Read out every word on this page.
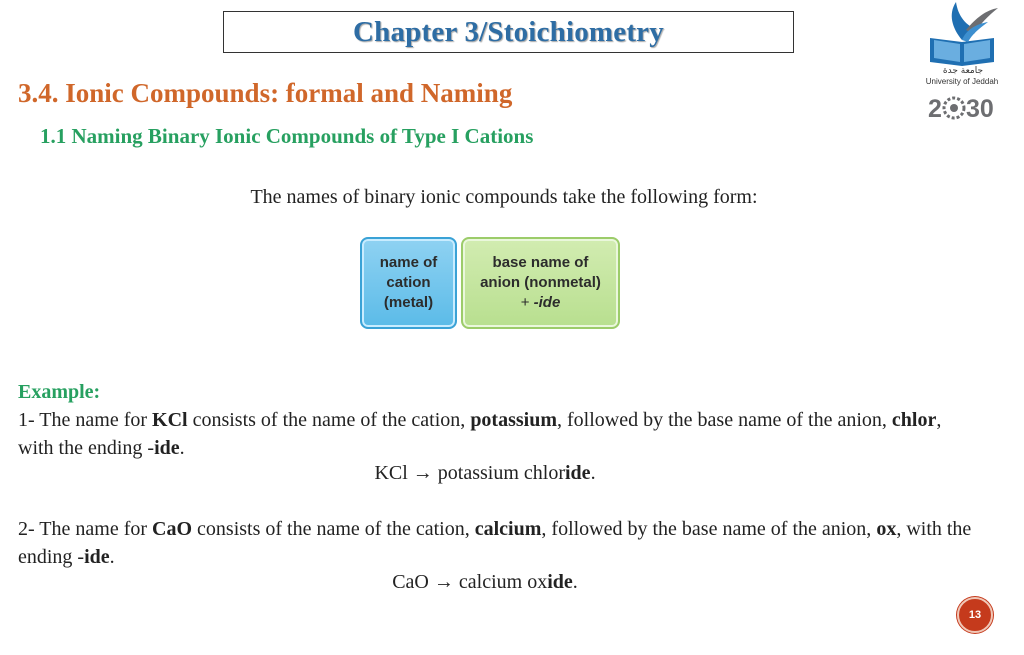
Chapter 3/Stoichiometry
جامعة جدة
University of Jeddah
2 30
3.4. Ionic Compounds: formal and Naming
1.1 Naming Binary Ionic Compounds of Type I Cations
The names of binary ionic compounds take the following form:
name of
cation
(metal)
base name of
anion (nonmetal)
+ -ide
Example:
1- The name for KCl consists of the name of the cation, potassium, followed by the base name of the anion, chlor, with the ending -ide.
KCl → potassium chloride.
2- The name for CaO consists of the name of the cation, calcium, followed by the base name of the anion, ox, with the ending -ide.
CaO → calcium oxide.
13
